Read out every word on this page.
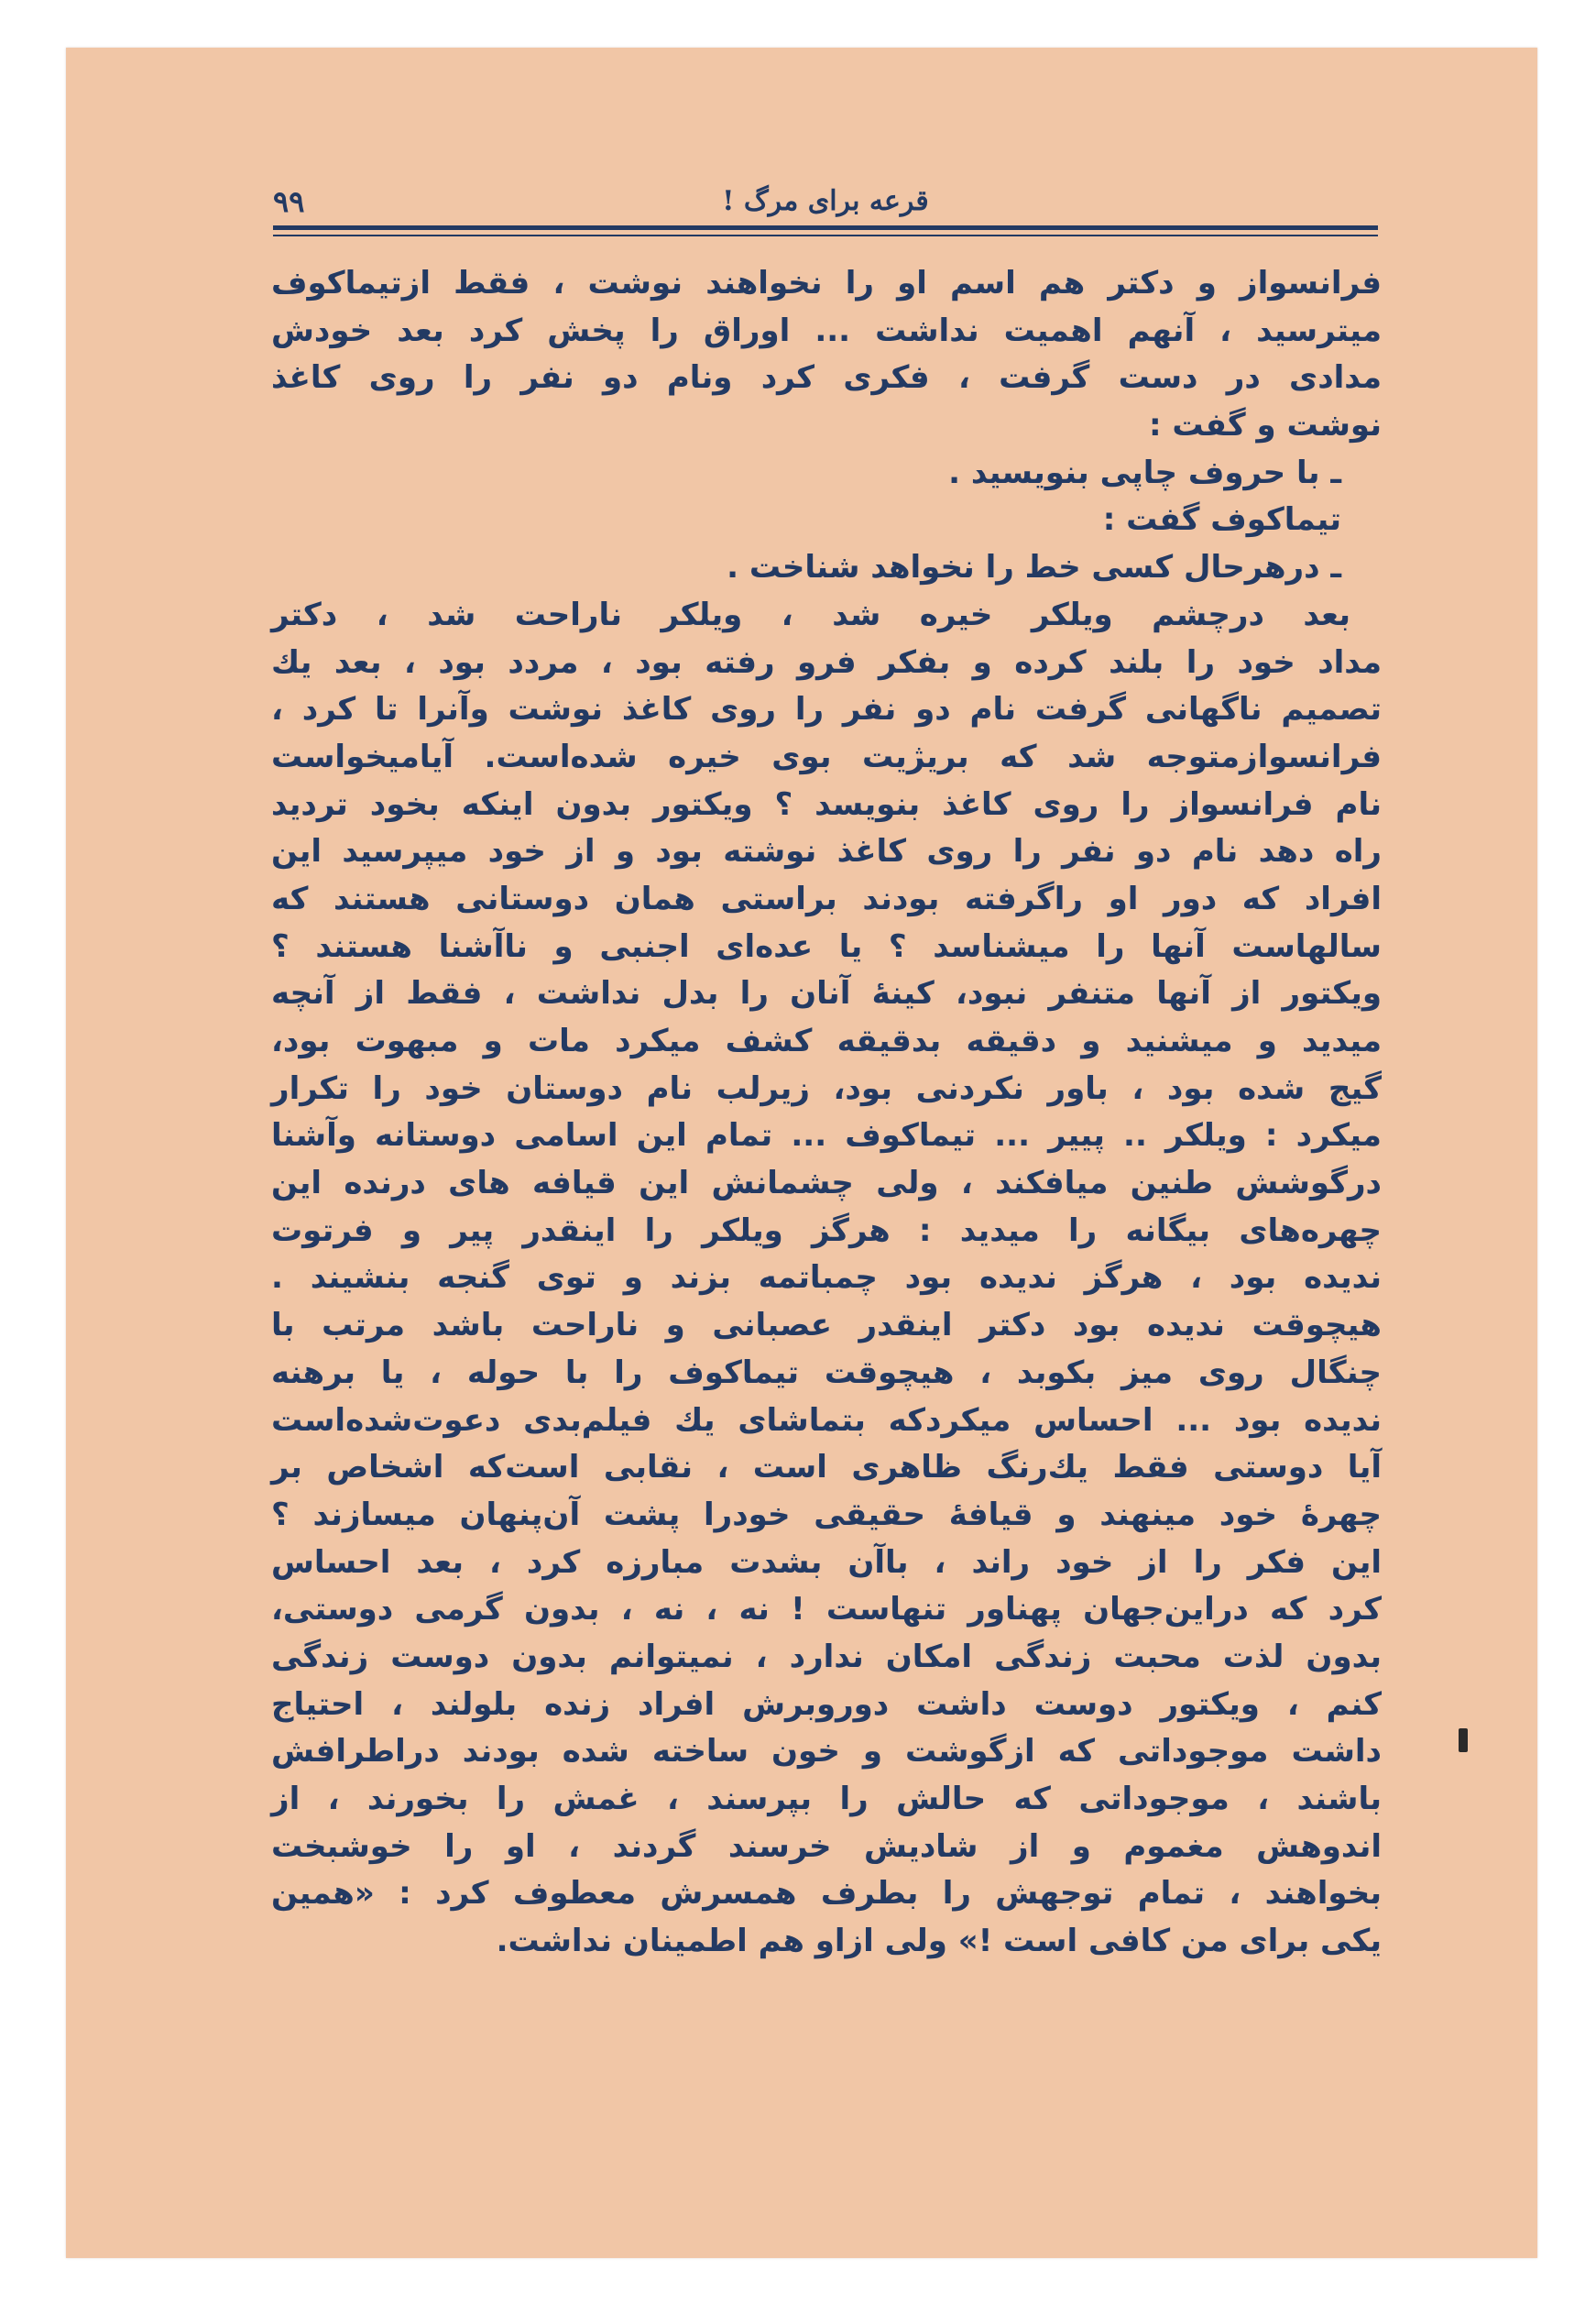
قرعه برای مرگ !
۹۹
فرانسواز و دکتر هم اسم او را نخواهند نوشت ، فقط ازتیماکوف
میترسید ، آنهم اهمیت نداشت ... اوراق را پخش کرد بعد خودش
مدادی در دست گرفت ، فکری کرد ونام دو نفر را روی کاغذ
نوشت و گفت :
ـ با حروف چاپی بنویسید .
تیماکوف گفت :
ـ درهرحال کسی خط را نخواهد شناخت .
بعد درچشم ویلکر خیره شد ، ویلکر ناراحت شد ، دکتر
مداد خود را بلند کرده و بفکر فرو رفته بود ، مردد بود ، بعد یك
تصمیم ناگهانی گرفت نام دو نفر را روی کاغذ نوشت وآنرا تا کرد ،
فرانسوازمتوجه شد که بریژیت بوی خیره شده‌است. آیامیخواست
نام فرانسواز را روی کاغذ بنویسد ؟ ویکتور بدون اینکه بخود تردید
راه دهد نام دو نفر را روی کاغذ نوشته بود و از خود میپرسید این
افراد که دور او راگرفته بودند براستی همان دوستانی هستند که
سالهاست آنها را میشناسد ؟ یا عده‌ای اجنبی و ناآشنا هستند ؟
ویکتور از آنها متنفر نبود، کینهٔ آنان را بدل نداشت ، فقط از آنچه
میدید و میشنید و دقیقه بدقیقه کشف میکرد مات و مبهوت بود،
گیج شده بود ، باور نکردنی بود، زیرلب نام دوستان خود را تکرار
میکرد : ویلکر .. پییر ... تیماکوف ... تمام این اسامی دوستانه وآشنا
درگوشش طنین میافکند ، ولی چشمانش این قیافه های درنده این
چهره‌های بیگانه را میدید : هرگز ویلکر را اینقدر پیر و فرتوت
ندیده بود ، هرگز ندیده بود چمباتمه بزند و توی گنجه بنشیند .
هیچوقت ندیده بود دکتر اینقدر عصبانی و ناراحت باشد مرتب با
چنگال روی میز بکوبد ، هیچوقت تیماکوف را با حوله ، یا برهنه
ندیده بود ... احساس میکردکه بتماشای یك فیلم‌بدی دعوت‌شده‌است
آیا دوستی فقط یك‌رنگ ظاهری است ، نقابی است‌که اشخاص بر
چهرهٔ خود مینهند و قیافهٔ حقیقی خودرا پشت آن‌پنهان میسازند ؟
این فکر را از خود راند ، باآن بشدت مبارزه کرد ، بعد احساس
کرد که دراین‌جهان پهناور تنهاست ! نه ، نه ، بدون گرمی دوستی،
بدون لذت محبت زندگی امکان ندارد ، نمیتوانم بدون دوست زندگی
کنم ، ویکتور دوست داشت دوروبرش افراد زنده بلولند ، احتیاج
داشت موجوداتی که ازگوشت و خون ساخته شده بودند دراطرافش
باشند ، موجوداتی که حالش را بپرسند ، غمش را بخورند ، از
اندوهش مغموم و از شادیش خرسند گردند ، او را خوشبخت
بخواهند ، تمام توجهش را بطرف همسرش معطوف کرد : «همین
یکی برای من کافی است !» ولی ازاو هم اطمینان نداشت.
